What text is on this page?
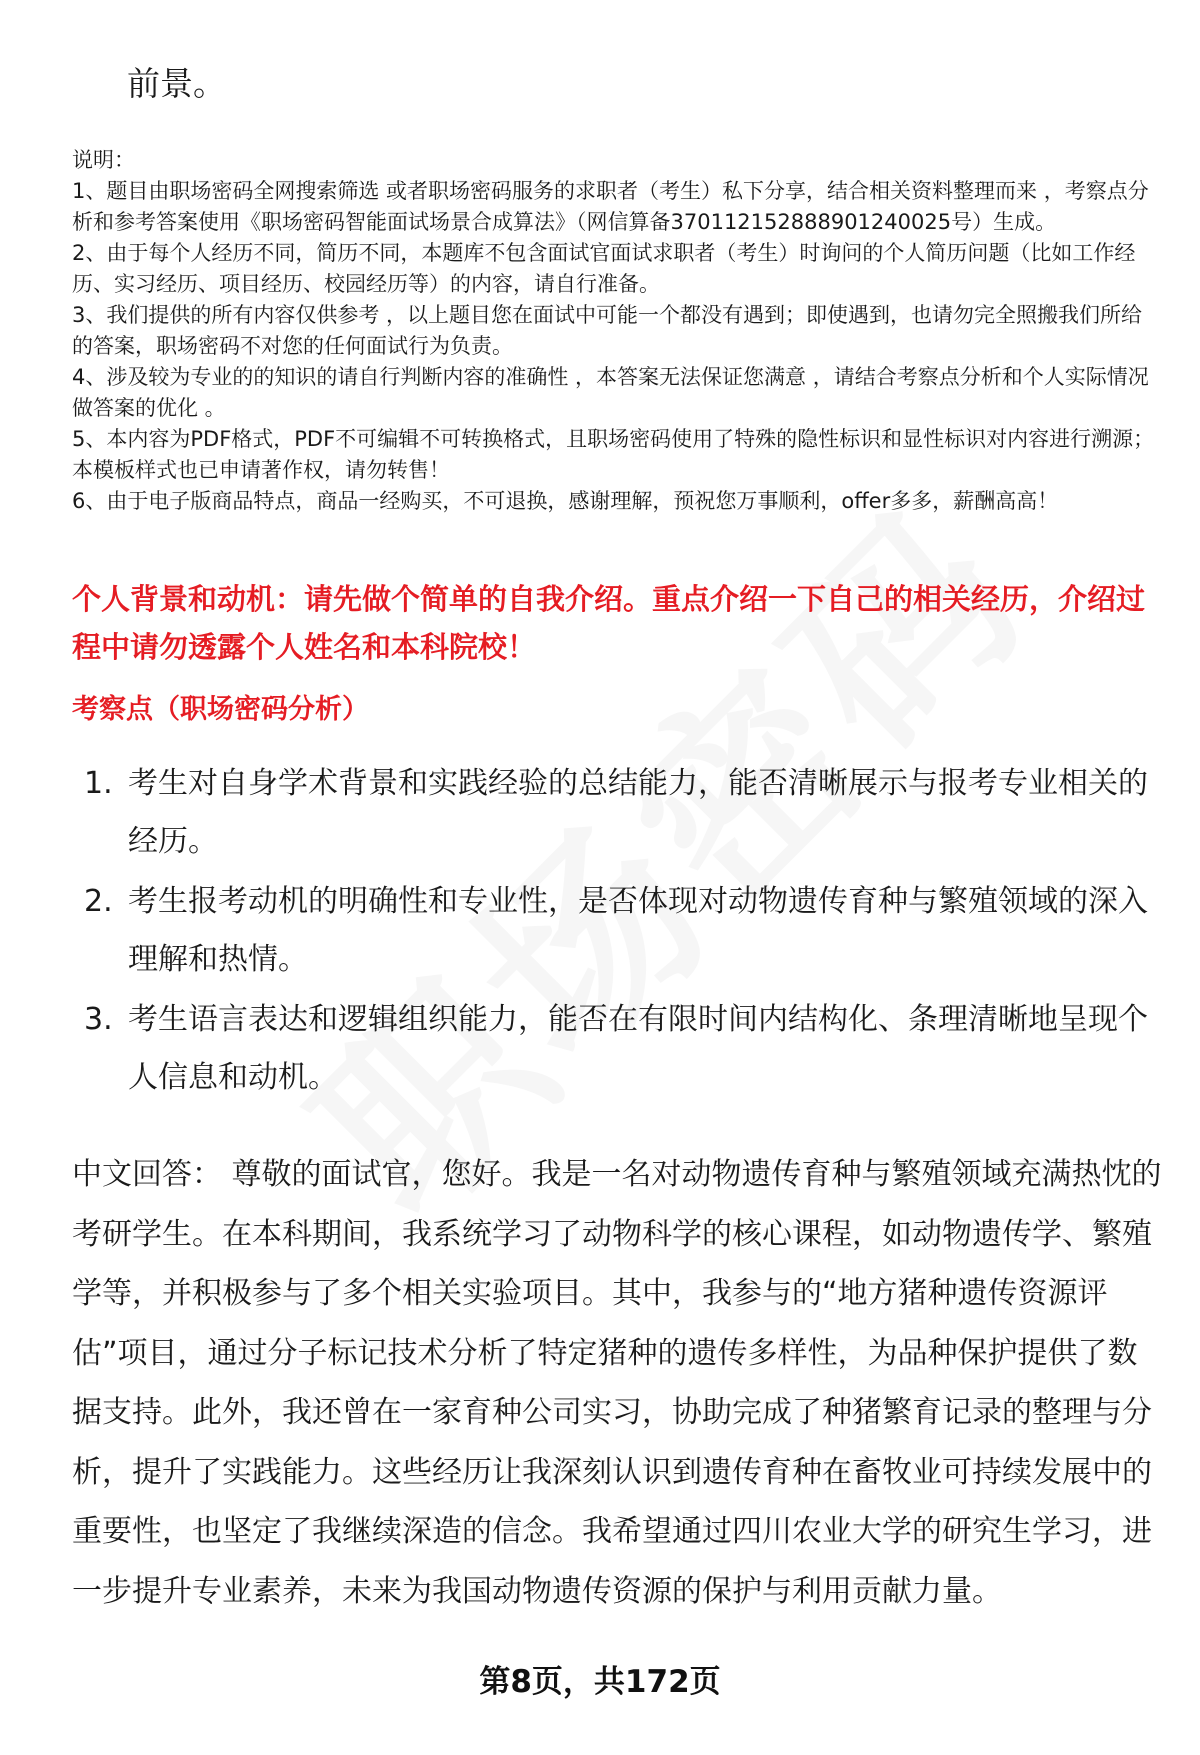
前景。

说明：

1、题目由职场密码全网搜索筛选 或者职场密码服务的求职者（考生）私下分享，结合相关资料整理而来 ，考察点分析和参考答案使用《职场密码智能面试场景合成算法》（网信算备370112152888901240025号）生成。

2、由于每个人经历不同，简历不同，本题库不包含面试官面试求职者（考生）时询问的个人简历问题（比如工作经历、实习经历、项目经历、校园经历等）的内容，请自行准备。

3、我们提供的所有内容仅供参考 ，以上题目您在面试中可能一个都没有遇到；即使遇到，也请勿完全照搬我们所给的答案，职场密码不对您的任何面试行为负责。

4、涉及较为专业的的知识的请自行判断内容的准确性 ，本答案无法保证您满意 ，请结合考察点分析和个人实际情况做答案的优化 。

5、本内容为PDF格式，PDF不可编辑不可转换格式，且职场密码使用了特殊的隐性标识和显性标识对内容进行溯源；本模板样式也已申请著作权，请勿转售！

6、由于电子版商品特点，商品一经购买，不可退换，感谢理解，预祝您万事顺利，offer多多，薪酬高高！

个人背景和动机：请先做个简单的自我介绍。重点介绍一下自己的相关经历，介绍过程中请勿透露个人姓名和本科院校！

考察点（职场密码分析）

1. 考生对自身学术背景和实践经验的总结能力，能否清晰展示与报考专业相关的经历。
2. 考生报考动机的明确性和专业性，是否体现对动物遗传育种与繁殖领域的深入理解和热情。
3. 考生语言表达和逻辑组织能力，能否在有限时间内结构化、条理清晰地呈现个人信息和动机。

中文回答： 尊敬的面试官，您好。我是一名对动物遗传育种与繁殖领域充满热忱的考研学生。在本科期间，我系统学习了动物科学的核心课程，如动物遗传学、繁殖学等，并积极参与了多个相关实验项目。其中，我参与的“地方猪种遗传资源评估”项目，通过分子标记技术分析了特定猪种的遗传多样性，为品种保护提供了数据支持。此外，我还曾在一家育种公司实习，协助完成了种猪繁育记录的整理与分析，提升了实践能力。这些经历让我深刻认识到遗传育种在畜牧业可持续发展中的重要性，也坚定了我继续深造的信念。我希望通过四川农业大学的研究生学习，进一步提升专业素养，未来为我国动物遗传资源的保护与利用贡献力量。

第8页，共172页
